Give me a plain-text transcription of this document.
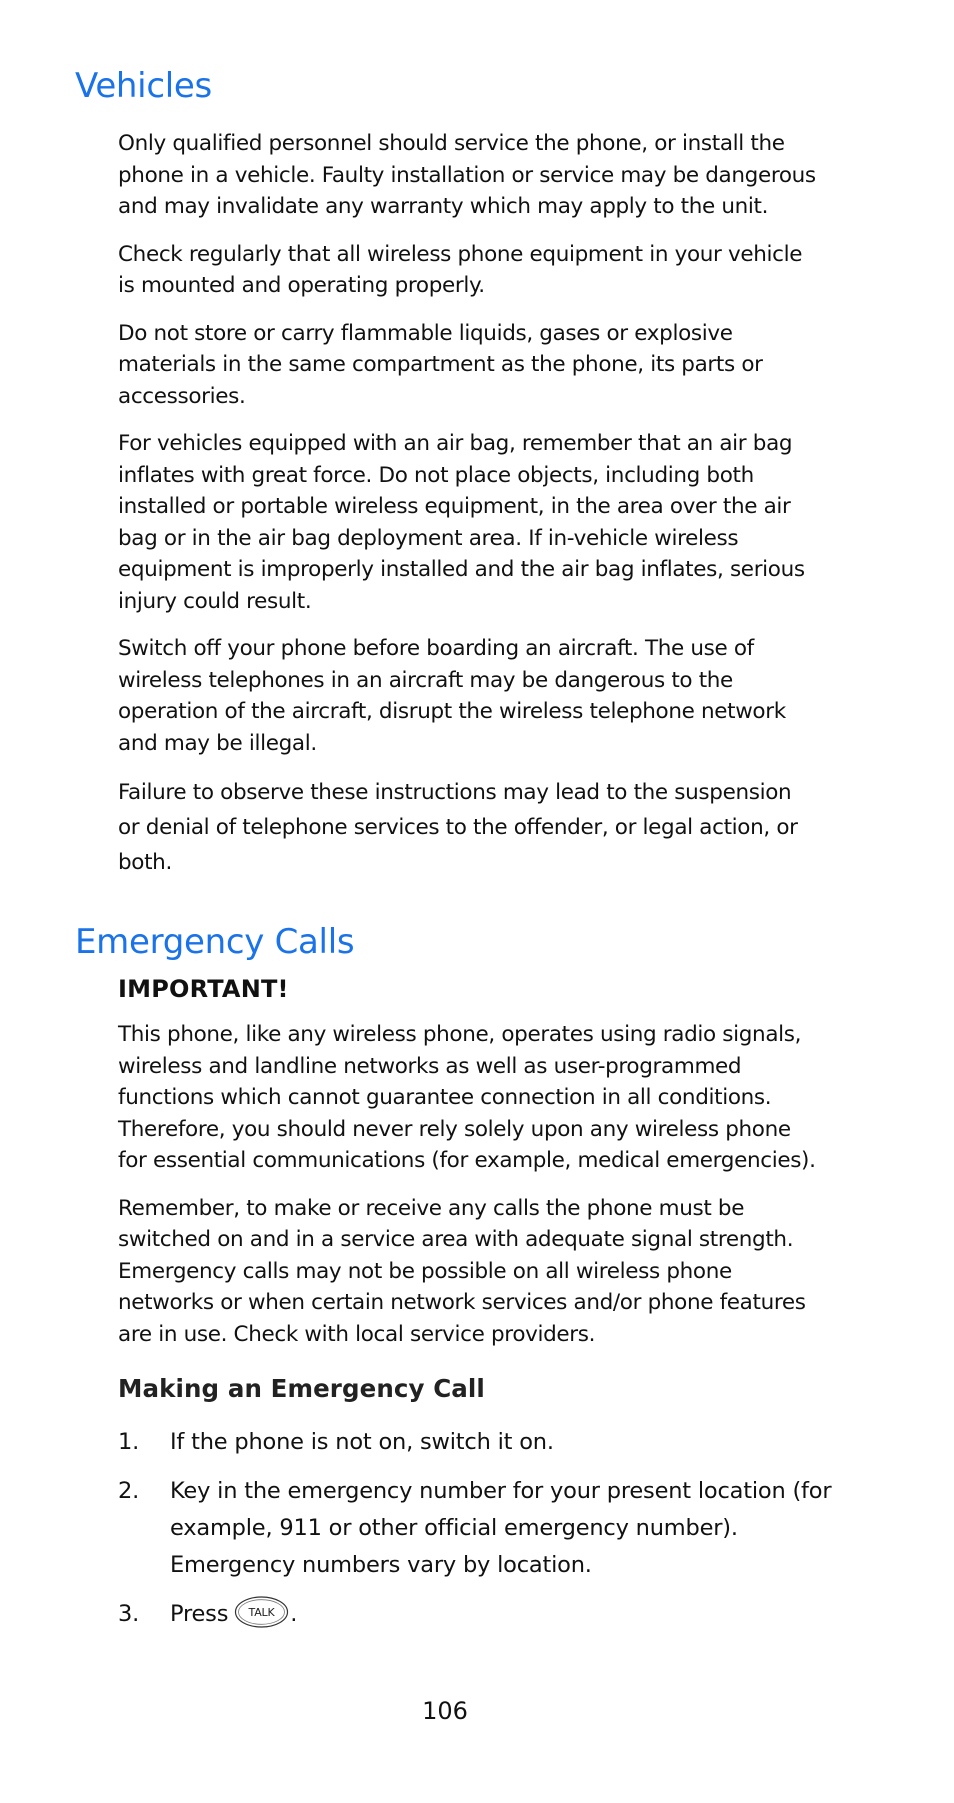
Vehicles

Only qualified personnel should service the phone, or install the phone in a vehicle. Faulty installation or service may be dangerous and may invalidate any warranty which may apply to the unit.

Check regularly that all wireless phone equipment in your vehicle is mounted and operating properly.

Do not store or carry flammable liquids, gases or explosive materials in the same compartment as the phone, its parts or accessories.

For vehicles equipped with an air bag, remember that an air bag inflates with great force. Do not place objects, including both installed or portable wireless equipment, in the area over the air bag or in the air bag deployment area. If in-vehicle wireless equipment is improperly installed and the air bag inflates, serious injury could result.

Switch off your phone before boarding an aircraft. The use of wireless telephones in an aircraft may be dangerous to the operation of the aircraft, disrupt the wireless telephone network and may be illegal.

Failure to observe these instructions may lead to the suspension or denial of telephone services to the offender, or legal action, or both.

Emergency Calls
IMPORTANT!

This phone, like any wireless phone, operates using radio signals, wireless and landline networks as well as user-programmed functions which cannot guarantee connection in all conditions. Therefore, you should never rely solely upon any wireless phone for essential communications (for example, medical emergencies).

Remember, to make or receive any calls the phone must be switched on and in a service area with adequate signal strength. Emergency calls may not be possible on all wireless phone networks or when certain network services and/or phone features are in use. Check with local service providers.

Making an Emergency Call
1. If the phone is not on, switch it on.
2. Key in the emergency number for your present location (for example, 911 or other official emergency number). Emergency numbers vary by location.
3. Press TALK .
106
